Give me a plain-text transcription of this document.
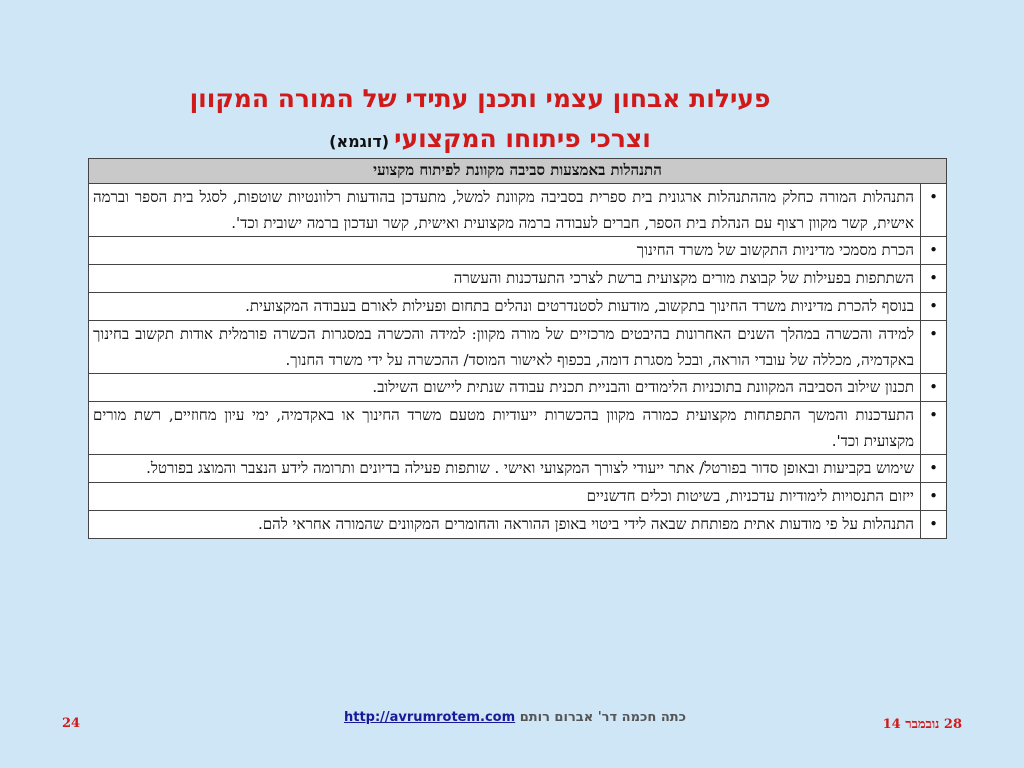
פעילות אבחון עצמי ותכנן עתידי של המורה המקוון
וצרכי פיתוחו המקצועי (דוגמא)
התנהלות באמצעות סביבה מקוונת לפיתוח מקצועי	
•	התנהלות המורה כחלק מההתנהלות ארגונית בית ספרית בסביבה מקוונת למשל, מתעדכן בהודעות רלוונטיות שוטפות, לסגל בית הספר וברמה אישית, קשר מקוון רצוף עם הנהלת בית הספר, חברים לעבודה ברמה מקצועית ואישית, קשר ועדכון ברמה ישובית וכד'.
•	הכרת מסמכי מדיניות התקשוב של משרד החינוך
•	השתתפות בפעילות של קבוצת מורים מקצועית ברשת לצרכי התעדכנות והעשרה
•	בנוסף להכרת מדיניות משרד החינוך בתקשוב, מודעות לסטנדרטים ונהלים בתחום ופעילות לאורם בעבודה המקצועית.
•	למידה והכשרה במהלך השנים האחרונות בהיבטים מרכזיים של מורה מקוון: למידה והכשרה במסגרות הכשרה פורמלית אודות תקשוב בחינוך באקדמיה, מכללה של עובדי הוראה, ובכל מסגרת דומה, בכפוף לאישור המוסד/ ההכשרה על ידי משרד החנוך.
•	תכנון שילוב הסביבה המקוונת בתוכניות הלימודים והבניית תכנית עבודה שנתית ליישום השילוב.
•	התעדכנות והמשך התפתחות מקצועית כמורה מקוון בהכשרות ייעודיות מטעם משרד החינוך או באקדמיה, ימי עיון מחוזיים, רשת מורים מקצועית וכד'.
•	שימוש בקביעות ובאופן סדור בפורטל/ אתר ייעודי לצורך המקצועי ואישי . שותפות פעילה בדיונים ותרומה לידע הנצבר והמוצג בפורטל.
•	ייזום התנסויות לימודיות עדכניות, בשיטות וכלים חדשניים
•	התנהלות על פי מודעות אתית מפותחת שבאה לידי ביטוי באופן ההוראה והחומרים המקוונים שהמורה אחראי להם.
24	כתה חכמה דר' אברום רותם http://avrumrotem.com	28 נובמבר 14
